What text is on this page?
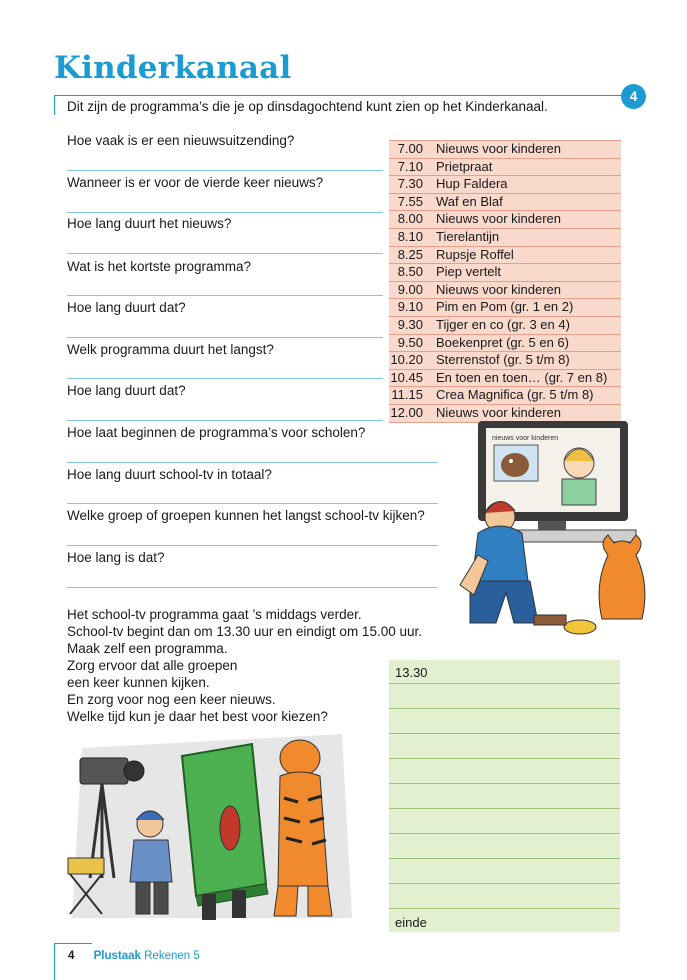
Kinderkanaal
4
Dit zijn de programma’s die je op dinsdagochtend kunt zien op het Kinderkanaal.
Hoe vaak is er een nieuwsuitzending?
Wanneer is er voor de vierde keer nieuws?
Hoe lang duurt het nieuws?
Wat is het kortste programma?
Hoe lang duurt dat?
Welk programma duurt het langst?
Hoe lang duurt dat?
Hoe laat beginnen de programma’s voor scholen?
Hoe lang duurt school-tv in totaal?
Welke groep of groepen kunnen het langst school-tv kijken?
Hoe lang is dat?
7.00 Nieuws voor kinderen
7.10 Prietpraat
7.30 Hup Faldera
7.55 Waf en Blaf
8.00 Nieuws voor kinderen
8.10 Tierelantijn
8.25 Rupsje Roffel
8.50 Piep vertelt
9.00 Nieuws voor kinderen
9.10 Pim en Pom (gr. 1 en 2)
9.30 Tijger en co (gr. 3 en 4)
9.50 Boekenpret (gr. 5 en 6)
10.20 Sterrenstof (gr. 5 t/m 8)
10.45 En toen en toen… (gr. 7 en 8)
11.15 Crea Magnifica (gr. 5 t/m 8)
12.00 Nieuws voor kinderen
nieuws voor kinderen
Het school-tv programma gaat ’s middags verder.
School-tv begint dan om 13.30 uur en eindigt om 15.00 uur.
Maak zelf een programma.
Zorg ervoor dat alle groepen
een keer kunnen kijken.
En zorg voor nog een keer nieuws.
Welke tijd kun je daar het best voor kiezen?
13.30
einde
4 Plustaak Rekenen 5
